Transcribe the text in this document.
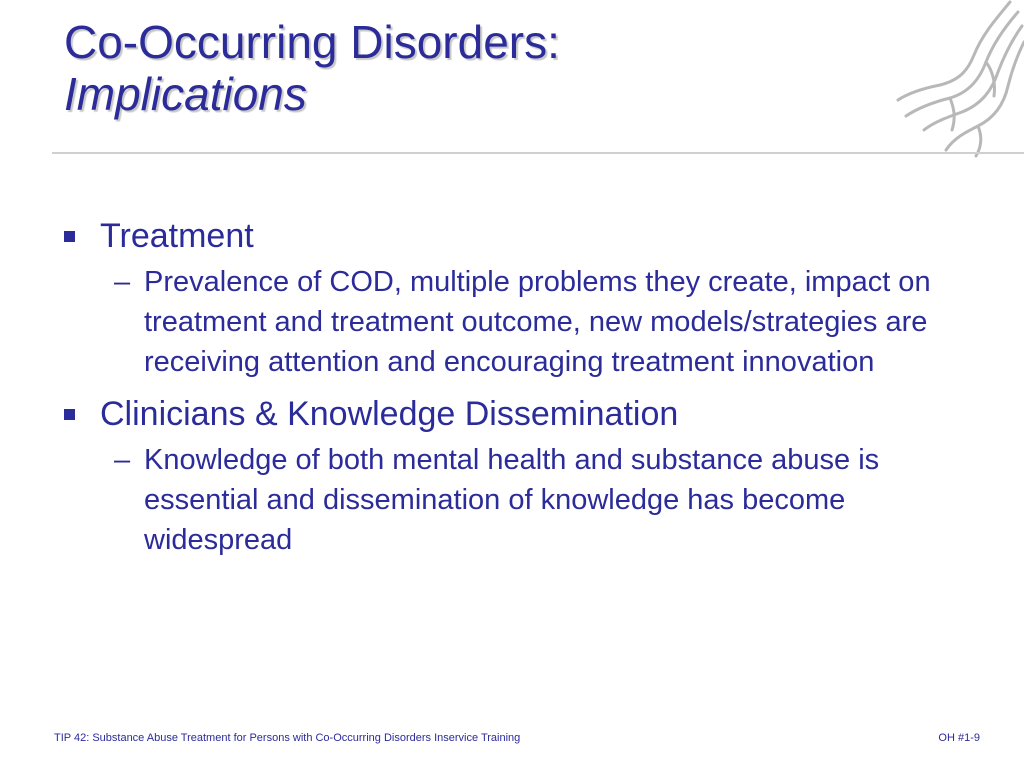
Co-Occurring Disorders:
Implications
Treatment
– Prevalence of COD, multiple problems they create, impact on treatment and treatment outcome, new models/strategies are receiving attention and encouraging treatment innovation
Clinicians & Knowledge Dissemination
– Knowledge of both mental health and substance abuse is essential and dissemination of knowledge has become widespread
TIP 42: Substance Abuse Treatment for Persons with Co-Occurring Disorders Inservice Training	OH #1-9
